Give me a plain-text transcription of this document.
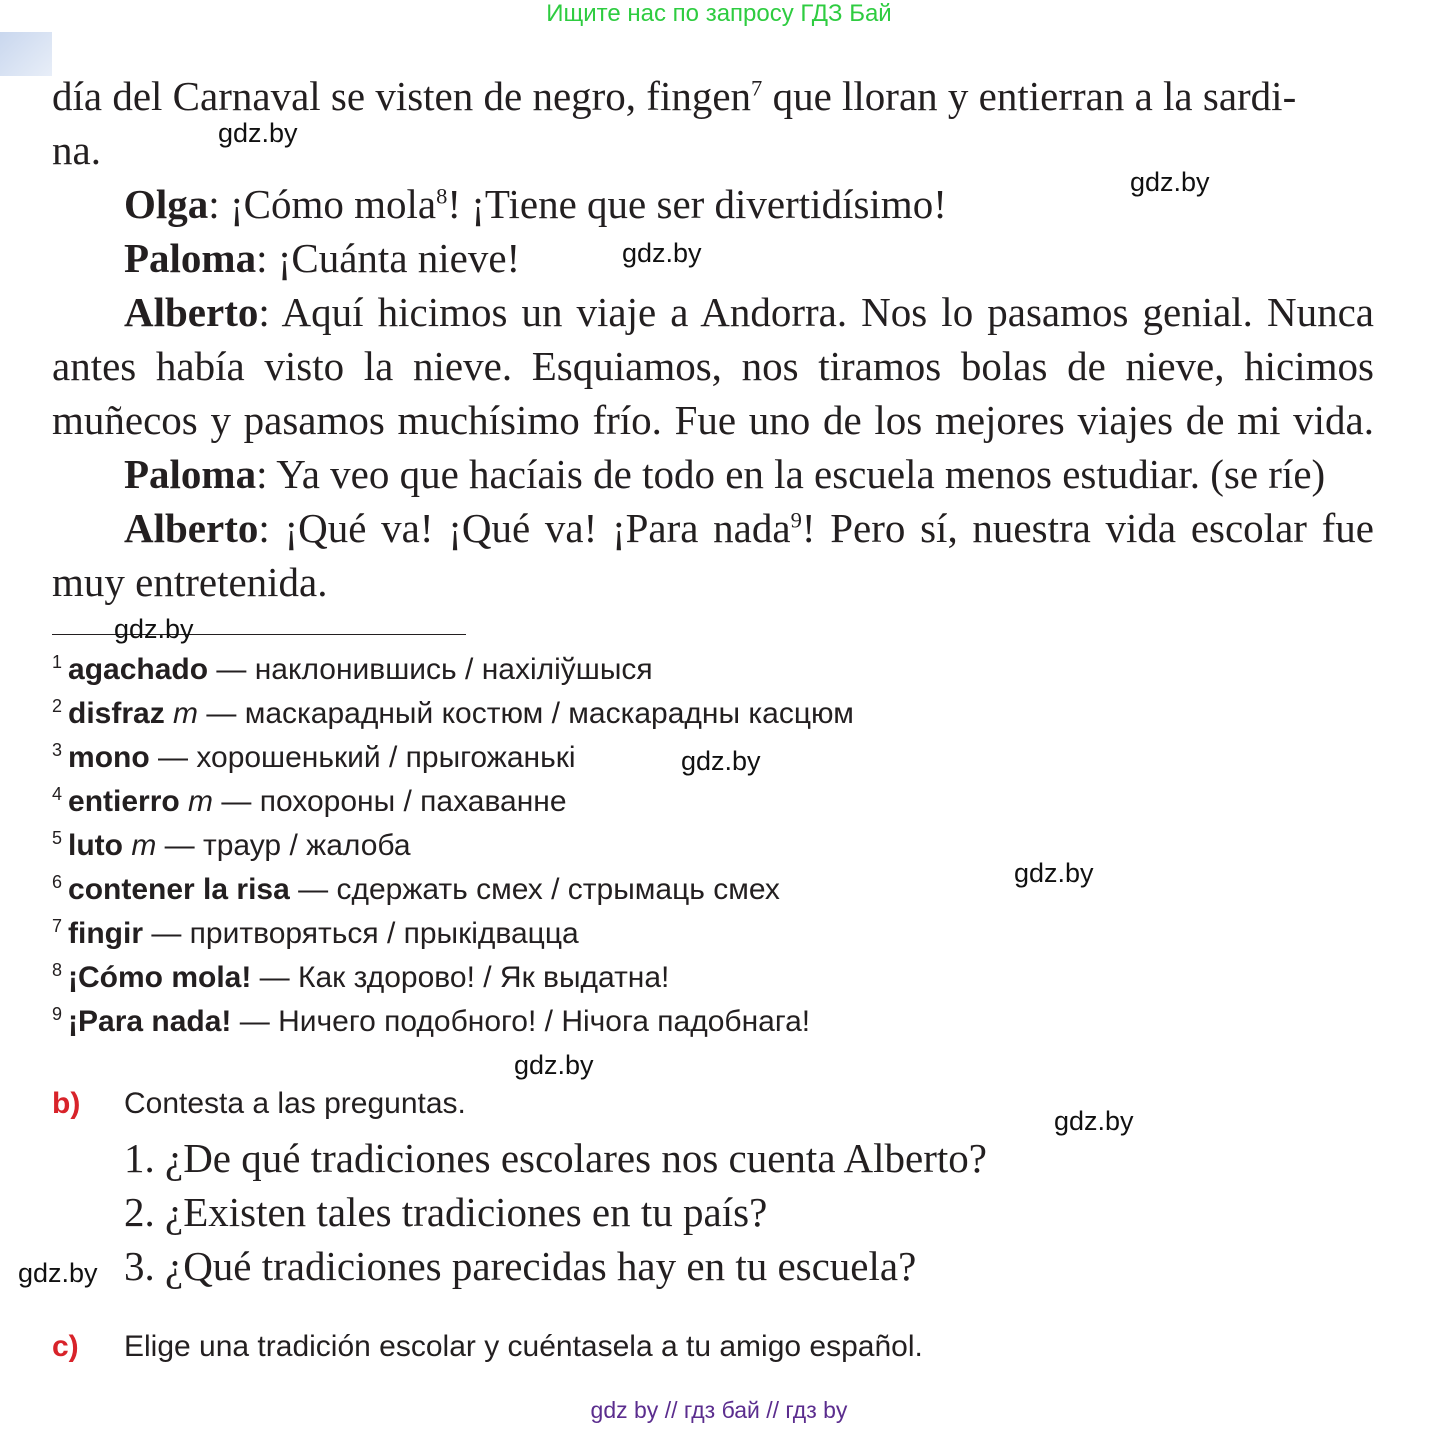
Ищите нас по запросу ГДЗ Бай
día del Carnaval se visten de negro, fingen$^7$ que lloran y entierran a la sardi-
na.
Olga: ¡Cómo mola$^8$! ¡Tiene que ser divertidísimo!
Paloma: ¡Cuánta nieve!
Alberto: Aquí hicimos un viaje a Andorra. Nos lo pasamos genial. Nunca
antes había visto la nieve. Esquiamos, nos tiramos bolas de nieve, hicimos
muñecos y pasamos muchísimo frío. Fue uno de los mejores viajes de mi vida.
Paloma: Ya veo que hacíais de todo en la escuela menos estudiar. (se ríe)
Alberto: ¡Qué va! ¡Qué va! ¡Para nada$^9$! Pero sí, nuestra vida escolar fue
muy entretenida.
$^1$ agachado — наклонившись / нахіліўшыся
$^2$ disfraz m — маскарадный костюм / маскарадны касцюм
$^3$ mono — хорошенький / прыгожанькі
$^4$ entierro m — похороны / пахаванне
$^5$ luto m — траур / жалоба
$^6$ contener la risa — сдержать смех / стрымаць смех
$^7$ fingir — притворяться / прыкідвацца
$^8$ ¡Cómo mola! — Как здорово! / Як выдатна!
$^9$ ¡Para nada! — Ничего подобного! / Нічога падобнага!
b) Contesta a las preguntas.
1. ¿De qué tradiciones escolares nos cuenta Alberto?
2. ¿Existen tales tradiciones en tu país?
3. ¿Qué tradiciones parecidas hay en tu escuela?
c) Elige una tradición escolar y cuéntasela a tu amigo español.
gdz.by
gdz.by
gdz.by
gdz.by
gdz.by
gdz.by
gdz.by
gdz.by
gdz.by
gdz by // гдз бай // гдз by
